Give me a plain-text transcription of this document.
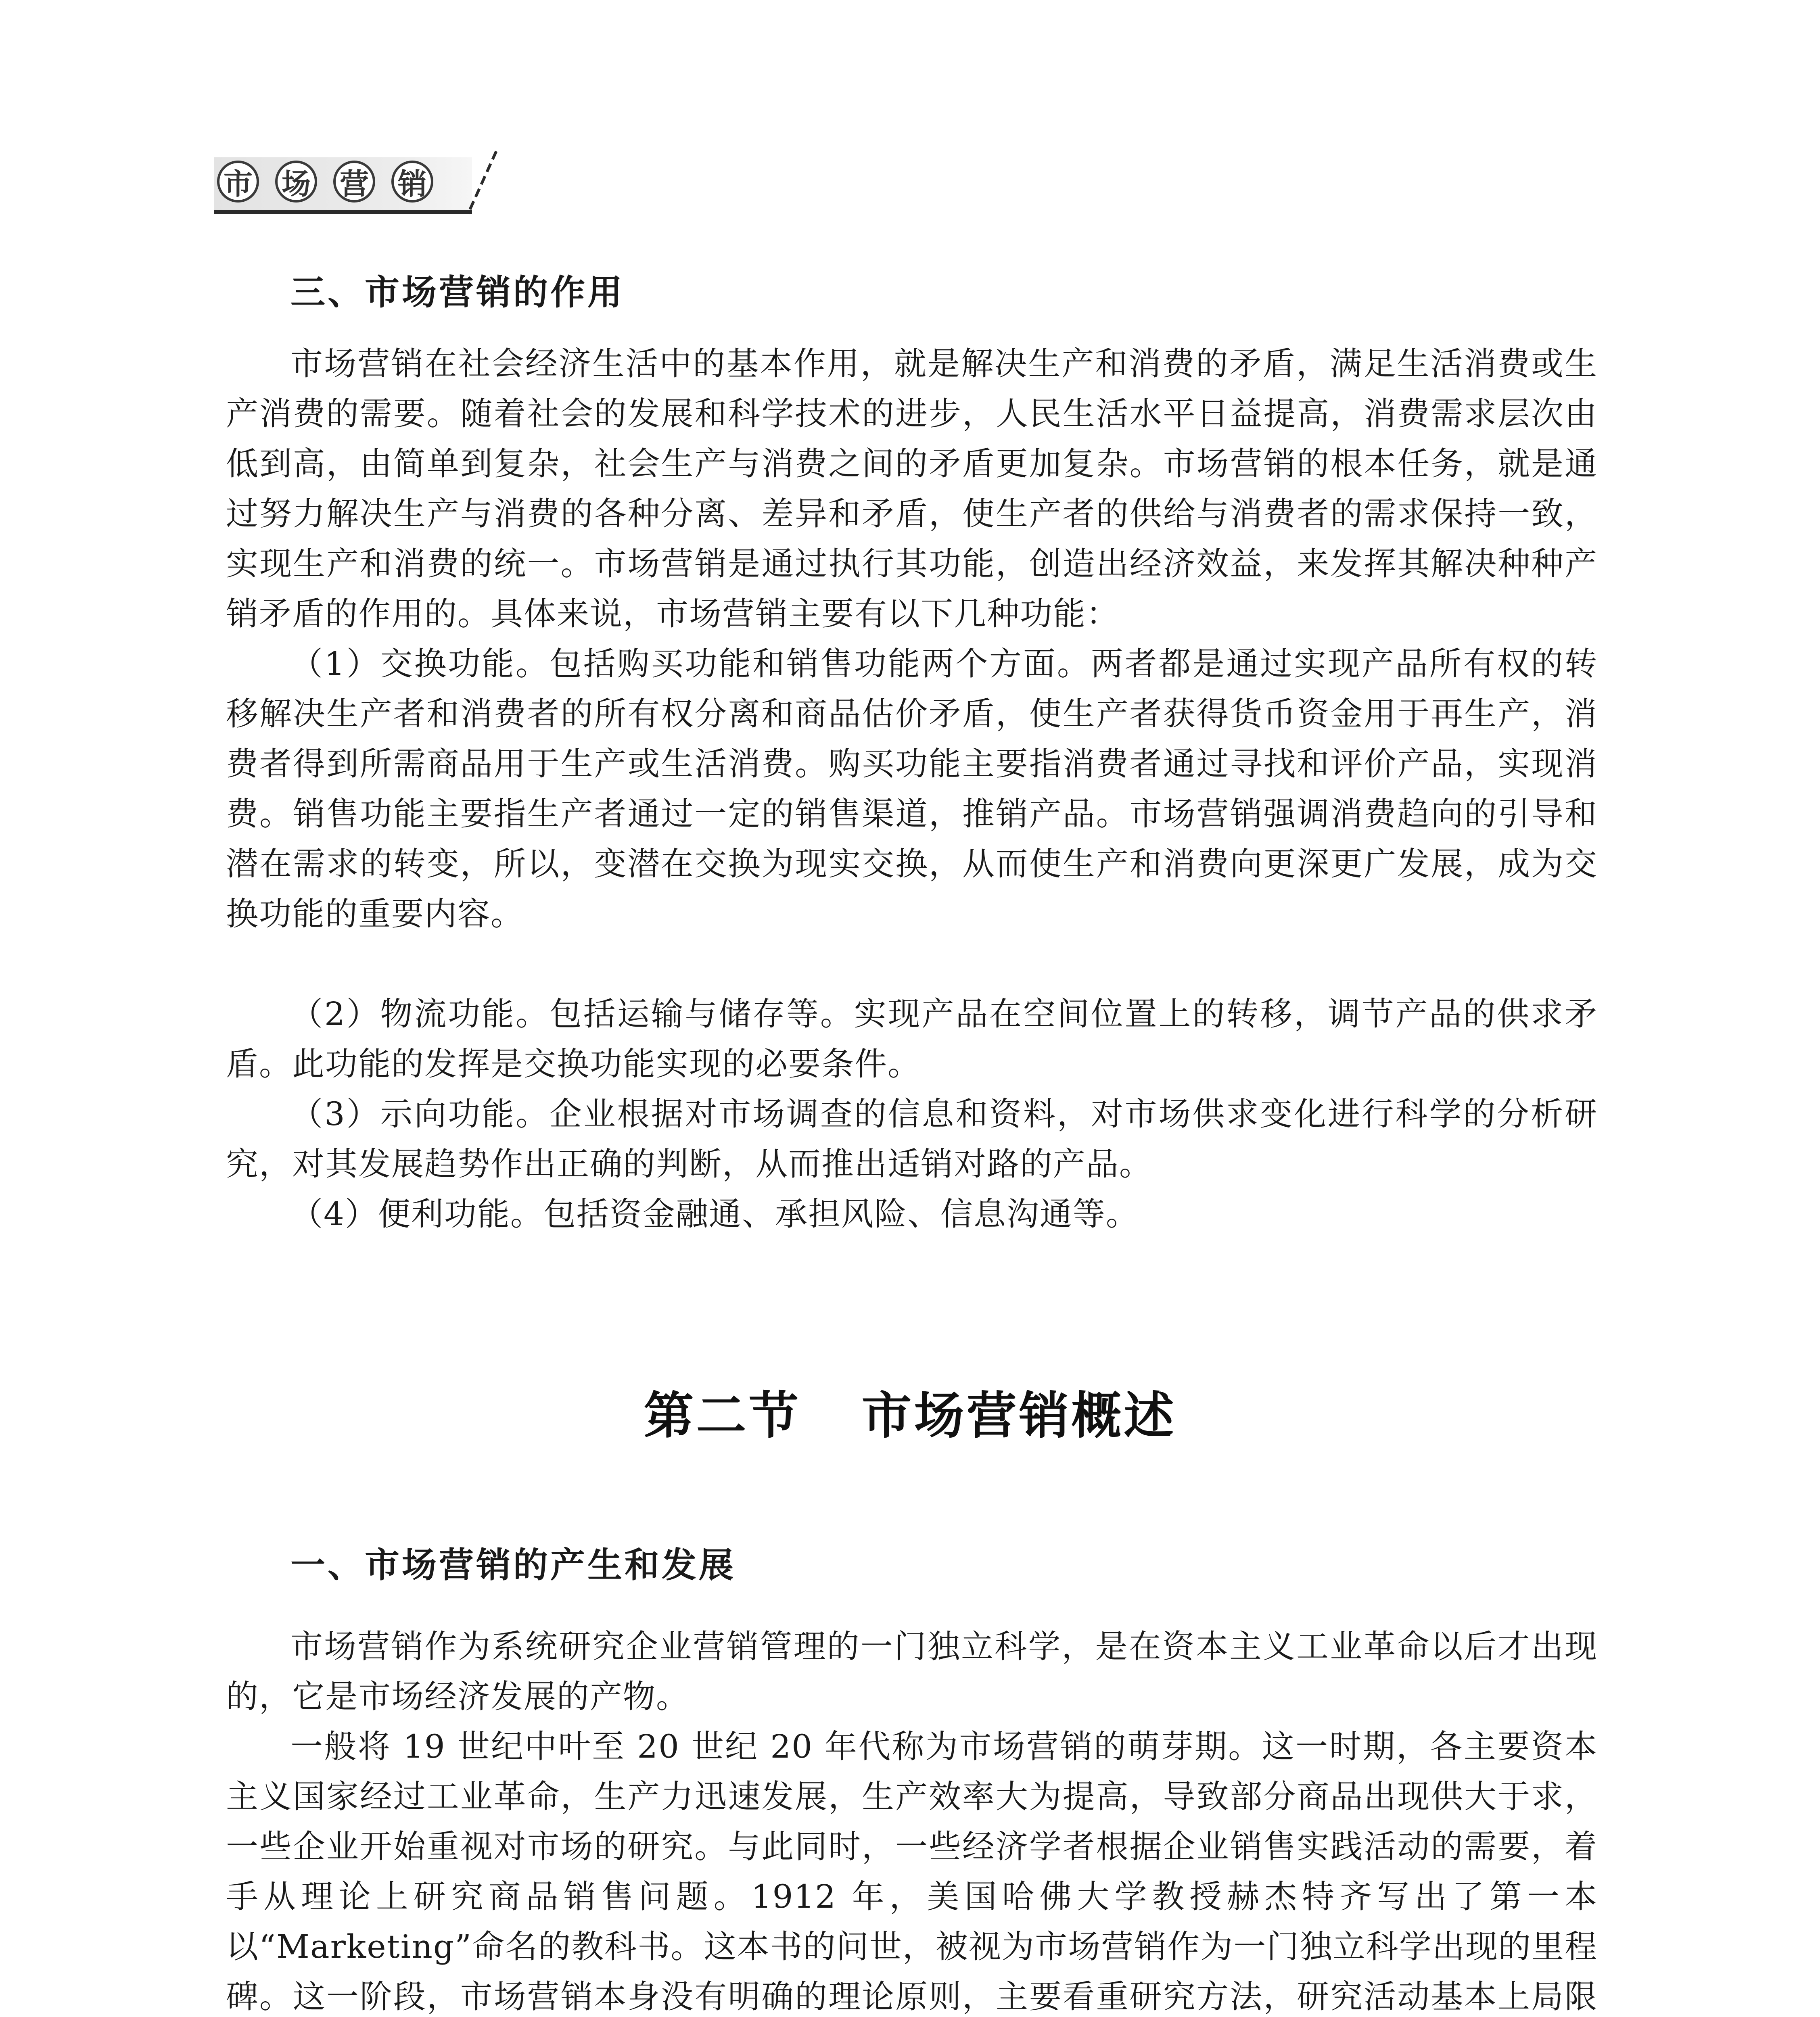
市 场 营 销
三、市场营销的作用

市场营销在社会经济生活中的基本作用，就是解决生产和消费的矛盾，满足生活消费或生产消费的需要。随着社会的发展和科学技术的进步，人民生活水平日益提高，消费需求层次由低到高，由简单到复杂，社会生产与消费之间的矛盾更加复杂。市场营销的根本任务，就是通过努力解决生产与消费的各种分离、差异和矛盾，使生产者的供给与消费者的需求保持一致，实现生产和消费的统一。市场营销是通过执行其功能，创造出经济效益，来发挥其解决种种产销矛盾的作用的。具体来说，市场营销主要有以下几种功能：

（1）交换功能。包括购买功能和销售功能两个方面。两者都是通过实现产品所有权的转移解决生产者和消费者的所有权分离和商品估价矛盾，使生产者获得货币资金用于再生产，消费者得到所需商品用于生产或生活消费。购买功能主要指消费者通过寻找和评价产品，实现消费。销售功能主要指生产者通过一定的销售渠道，推销产品。市场营销强调消费趋向的引导和潜在需求的转变，所以，变潜在交换为现实交换，从而使生产和消费向更深更广发展，成为交换功能的重要内容。

（2）物流功能。包括运输与储存等。实现产品在空间位置上的转移，调节产品的供求矛盾。此功能的发挥是交换功能实现的必要条件。

（3）示向功能。企业根据对市场调查的信息和资料，对市场供求变化进行科学的分析研究，对其发展趋势作出正确的判断，从而推出适销对路的产品。

（4）便利功能。包括资金融通、承担风险、信息沟通等。

第二节 市场营销概述
一、市场营销的产生和发展

市场营销作为系统研究企业营销管理的一门独立科学，是在资本主义工业革命以后才出现的，它是市场经济发展的产物。

一般将 19 世纪中叶至 20 世纪 20 年代称为市场营销的萌芽期。这一时期，各主要资本主义国家经过工业革命，生产力迅速发展，生产效率大为提高，导致部分商品出现供大于求，一些企业开始重视对市场的研究。与此同时，一些经济学者根据企业销售实践活动的需要，着手从理论上研究商品销售问题。1912 年，美国哈佛大学教授赫杰特齐写出了第一本以“Marketing”命名的教科书。这本书的问世，被视为市场营销作为一门独立科学出现的里程碑。这一阶段，市场营销本身没有明确的理论原则，主要看重研究方法，研究活动基本上局限
